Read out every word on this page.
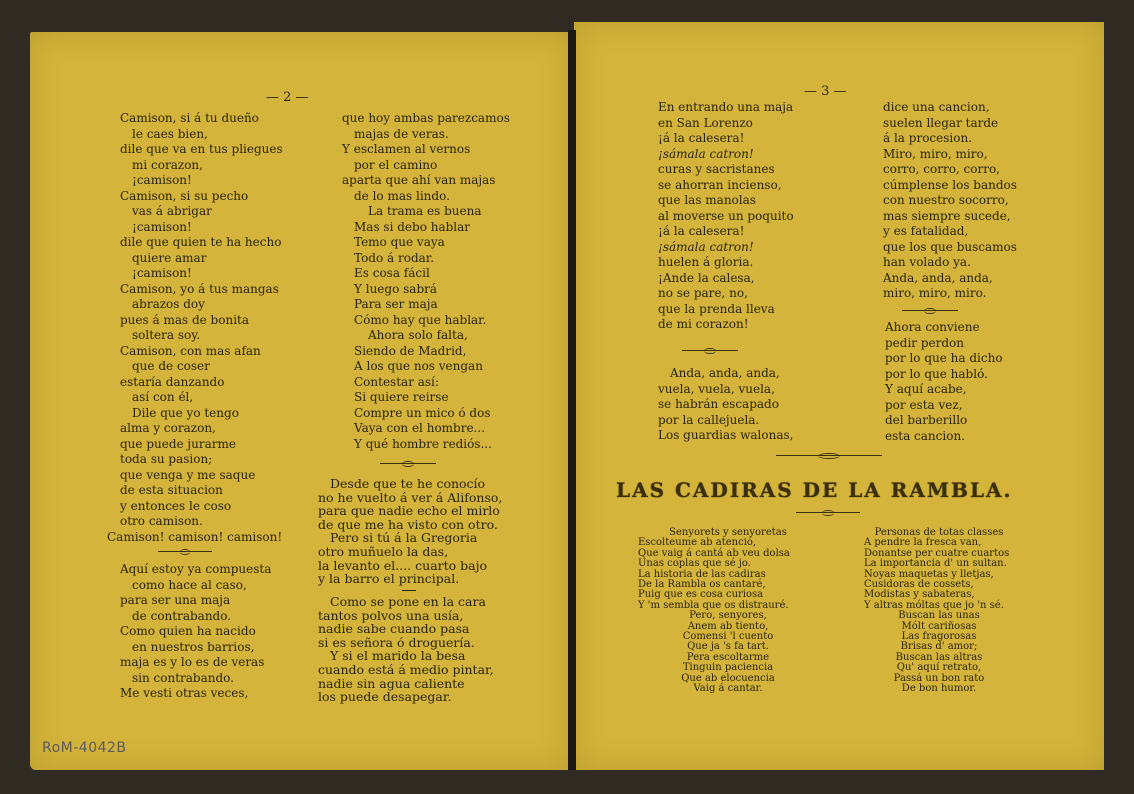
— 2 —
Camison, si á tu dueño
le caes bien,
dile que va en tus pliegues
mi corazon,
¡camison!
Camison, si su pecho
vas á abrigar
¡camison!
dile que quien te ha hecho
quiere amar
¡camison!
Camison, yo á tus mangas
abrazos doy
pues á mas de bonita
soltera soy.
Camison, con mas afan
que de coser
estaría danzando
así con él,
Dile que yo tengo
alma y corazon,
que puede jurarme
toda su pasion;
que venga y me saque
de esta situacion
y entonces le coso
otro camison.
Camison! camison! camison!
Aquí estoy ya compuesta
como hace al caso,
para ser una maja
de contrabando.
Como quien ha nacido
en nuestros barrios,
maja es y lo es de veras
sin contrabando.
Me vesti otras veces,
que hoy ambas parezcamos
majas de veras.
Y esclamen al vernos
por el camino
aparta que ahí van majas
de lo mas lindo.
La trama es buena
Mas si debo hablar
Temo que vaya
Todo á rodar.
Es cosa fácil
Y luego sabrá
Para ser maja
Cómo hay que hablar.
Ahora solo falta,
Siendo de Madrid,
A los que nos vengan
Contestar así:
Si quiere reirse
Compre un mico ó dos
Vaya con el hombre...
Y qué hombre rediós...
Desde que te he conocío
no he vuelto á ver á Alifonso,
para que nadie echo el mirlo
de que me ha visto con otro.
Pero si tú á la Gregoria
otro muñuelo la das,
la levanto el.... cuarto bajo
y la barro el principal.
Como se pone en la cara
tantos polvos una usía,
nadie sabe cuando pasa
si es señora ó droguería.
Y si el marido la besa
cuando está á medio pintar,
nadie sin agua caliente
los puede desapegar.
— 3 —
En entrando una maja
en San Lorenzo
¡á la calesera!
¡sámala catron!
curas y sacristanes
se ahorran incienso,
que las manolas
al moverse un poquito
¡á la calesera!
¡sámala catron!
huelen á gloria.
¡Ande la calesa,
no se pare, no,
que la prenda lleva
de mi corazon!
Anda, anda, anda,
vuela, vuela, vuela,
se habrán escapado
por la callejuela.
Los guardias walonas,
dice una cancion,
suelen llegar tarde
á la procesion.
Miro, miro, miro,
corro, corro, corro,
cúmplense los bandos
con nuestro socorro,
mas siempre sucede,
y es fatalidad,
que los que buscamos
han volado ya.
Anda, anda, anda,
miro, miro, miro.
Ahora conviene
pedir perdon
por lo que ha dicho
por lo que habló.
Y aquí acabe,
por esta vez,
del barberillo
esta cancion.
LAS CADIRAS DE LA RAMBLA.
Senyorets y senyoretas
Escolteume ab atenció,
Que vaig á cantá ab veu dolsa
Unas coplas que sé jo.
La historia de las cadiras
De la Rambla os cantaré,
Puig que es cosa curiosa
Y 'm sembla que os distrauré.
Pero, senyores,
Anem ab tiento,
Comensi 'l cuento
Que ja 's fa tart.
Pera escoltarme
Tinguin paciencia
Que ab elocuencia
Vaig á cantar.
Personas de totas classes
A pendre la fresca van,
Donantse per cuatre cuartos
La importancia d' un sultan.
Noyas maquetas y lletjas,
Cusidoras de cossets,
Modistas y sabateras,
Y altras móltas que jo 'n sé.
Buscan las unas
Mólt cariñosas
Las fragorosas
Brisas d' amor;
Buscan las altras
Qu' aquí retrato,
Passá un bon rato
De bon humor.
RoM-4042B
